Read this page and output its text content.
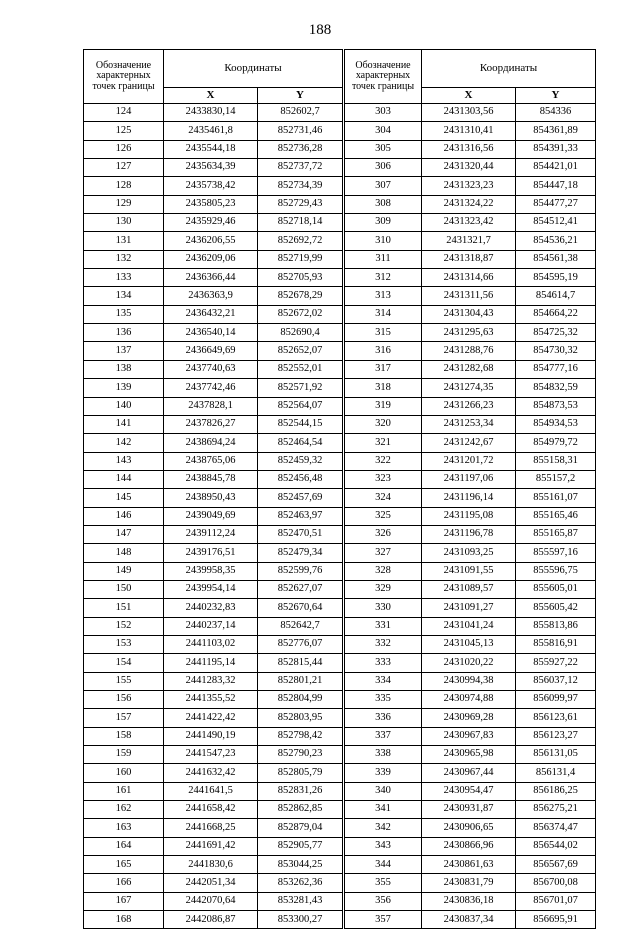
188
Обозначение характерных точек границы	Координаты		Обозначение характерных точек границы	Координаты	
	X	Y		X	Y
124	2433830,14	852602,7	303	2431303,56	854336
125	2435461,8	852731,46	304	2431310,41	854361,89
126	2435544,18	852736,28	305	2431316,56	854391,33
127	2435634,39	852737,72	306	2431320,44	854421,01
128	2435738,42	852734,39	307	2431323,23	854447,18
129	2435805,23	852729,43	308	2431324,22	854477,27
130	2435929,46	852718,14	309	2431323,42	854512,41
131	2436206,55	852692,72	310	2431321,7	854536,21
132	2436209,06	852719,99	311	2431318,87	854561,38
133	2436366,44	852705,93	312	2431314,66	854595,19
134	2436363,9	852678,29	313	2431311,56	854614,7
135	2436432,21	852672,02	314	2431304,43	854664,22
136	2436540,14	852690,4	315	2431295,63	854725,32
137	2436649,69	852652,07	316	2431288,76	854730,32
138	2437740,63	852552,01	317	2431282,68	854777,16
139	2437742,46	852571,92	318	2431274,35	854832,59
140	2437828,1	852564,07	319	2431266,23	854873,53
141	2437826,27	852544,15	320	2431253,34	854934,53
142	2438694,24	852464,54	321	2431242,67	854979,72
143	2438765,06	852459,32	322	2431201,72	855158,31
144	2438845,78	852456,48	323	2431197,06	855157,2
145	2438950,43	852457,69	324	2431196,14	855161,07
146	2439049,69	852463,97	325	2431195,08	855165,46
147	2439112,24	852470,51	326	2431196,78	855165,87
148	2439176,51	852479,34	327	2431093,25	855597,16
149	2439958,35	852599,76	328	2431091,55	855596,75
150	2439954,14	852627,07	329	2431089,57	855605,01
151	2440232,83	852670,64	330	2431091,27	855605,42
152	2440237,14	852642,7	331	2431041,24	855813,86
153	2441103,02	852776,07	332	2431045,13	855816,91
154	2441195,14	852815,44	333	2431020,22	855927,22
155	2441283,32	852801,21	334	2430994,38	856037,12
156	2441355,52	852804,99	335	2430974,88	856099,97
157	2441422,42	852803,95	336	2430969,28	856123,61
158	2441490,19	852798,42	337	2430967,83	856123,27
159	2441547,23	852790,23	338	2430965,98	856131,05
160	2441632,42	852805,79	339	2430967,44	856131,4
161	2441641,5	852831,26	340	2430954,47	856186,25
162	2441658,42	852862,85	341	2430931,87	856275,21
163	2441668,25	852879,04	342	2430906,65	856374,47
164	2441691,42	852905,77	343	2430866,96	856544,02
165	2441830,6	853044,25	344	2430861,63	856567,69
166	2442051,34	853262,36	355	2430831,79	856700,08
167	2442070,64	853281,43	356	2430836,18	856701,07
168	2442086,87	853300,27	357	2430837,34	856695,91
